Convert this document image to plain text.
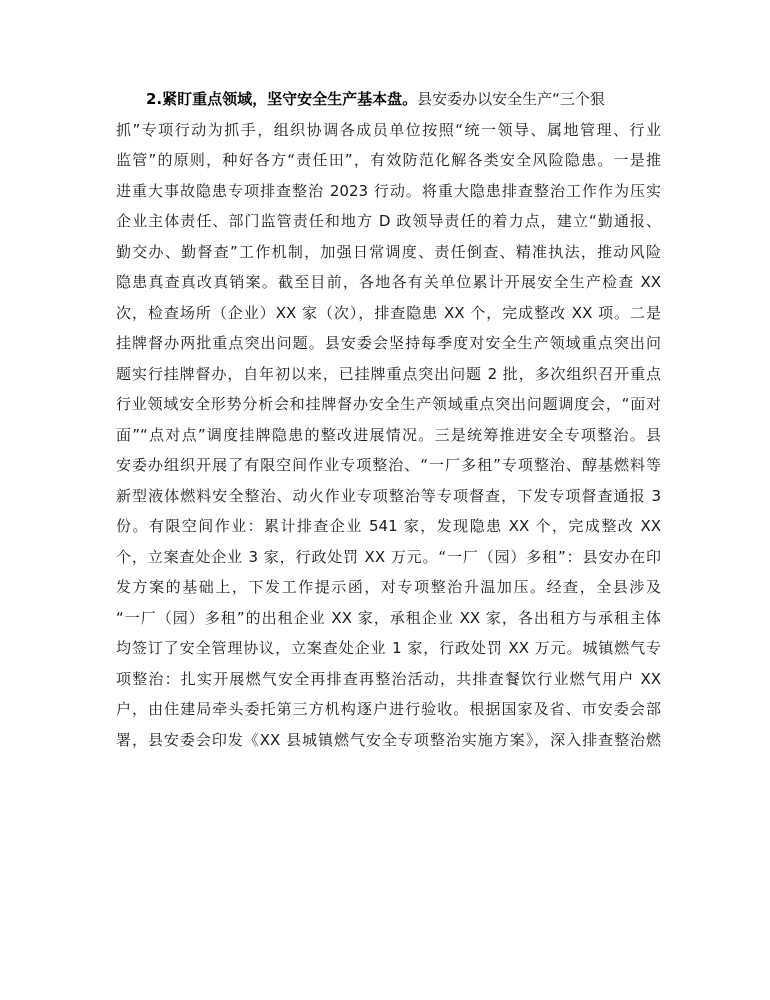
2.紧盯重点领域，坚守安全生产基本盘。县安委办以安全生产“三个狠
抓”专项行动为抓手，组织协调各成员单位按照“统一领导、属地管理、行业
监管”的原则，种好各方“责任田”，有效防范化解各类安全风险隐患。一是推
进重大事故隐患专项排查整治 2023 行动。将重大隐患排查整治工作作为压实
企业主体责任、部门监管责任和地方 D 政领导责任的着力点，建立“勤通报、
勤交办、勤督查”工作机制，加强日常调度、责任倒查、精准执法，推动风险
隐患真查真改真销案。截至目前，各地各有关单位累计开展安全生产检查 XX
次，检查场所（企业）XX 家（次），排查隐患 XX 个，完成整改 XX 项。二是
挂牌督办两批重点突出问题。县安委会坚持每季度对安全生产领域重点突出问
题实行挂牌督办，自年初以来，已挂牌重点突出问题 2 批，多次组织召开重点
行业领域安全形势分析会和挂牌督办安全生产领域重点突出问题调度会，“面对
面”“点对点”调度挂牌隐患的整改进展情况。三是统筹推进安全专项整治。县
安委办组织开展了有限空间作业专项整治、“一厂多租”专项整治、醇基燃料等
新型液体燃料安全整治、动火作业专项整治等专项督查，下发专项督查通报 3
份。有限空间作业：累计排查企业 541 家，发现隐患 XX 个，完成整改 XX
个，立案查处企业 3 家，行政处罚 XX 万元。“一厂（园）多租”：县安办在印
发方案的基础上，下发工作提示函，对专项整治升温加压。经查，全县涉及
“一厂（园）多租”的出租企业 XX 家，承租企业 XX 家，各出租方与承租主体
均签订了安全管理协议，立案查处企业 1 家，行政处罚 XX 万元。城镇燃气专
项整治：扎实开展燃气安全再排查再整治活动，共排查餐饮行业燃气用户 XX
户，由住建局牵头委托第三方机构逐户进行验收。根据国家及省、市安委会部
署，县安委会印发《XX 县城镇燃气安全专项整治实施方案》，深入排查整治燃
